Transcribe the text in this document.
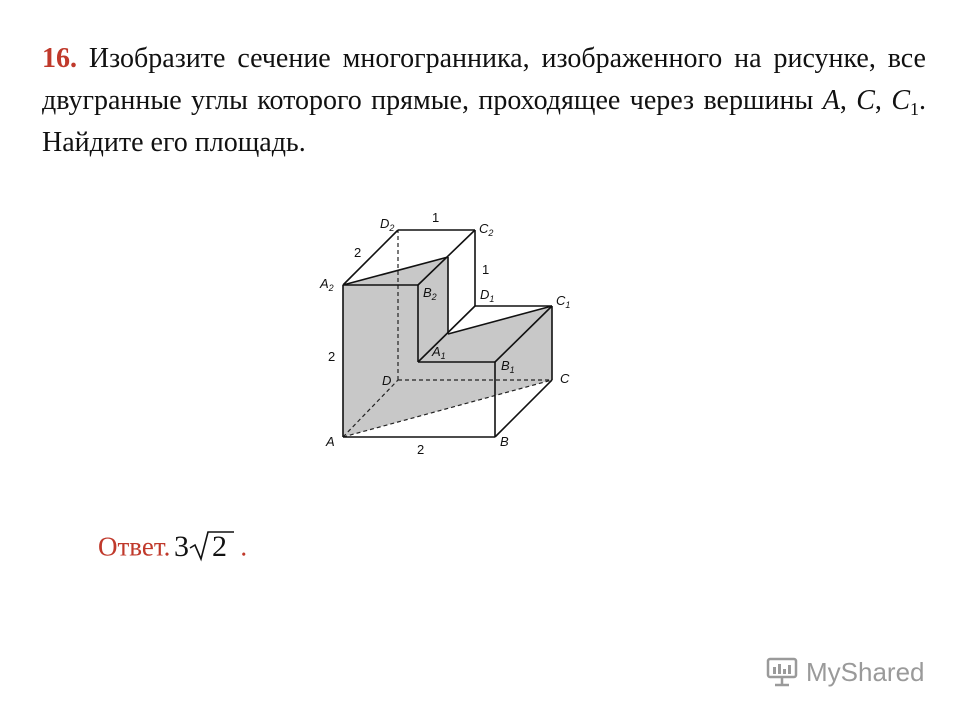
16. Изобразите сечение многогранника, изображенного на рисунке, все двугранные углы которого прямые, проходящее через вершины A, C, $C_1$. Найдите его площадь.
A	B
C
D
$A_1$
$B_1$
$C_1$
$D_1$
$A_2$	$B_2$
$C_2$
$D_2$
1
2
1
2
2
Ответ. 3 2 .
MyShared
